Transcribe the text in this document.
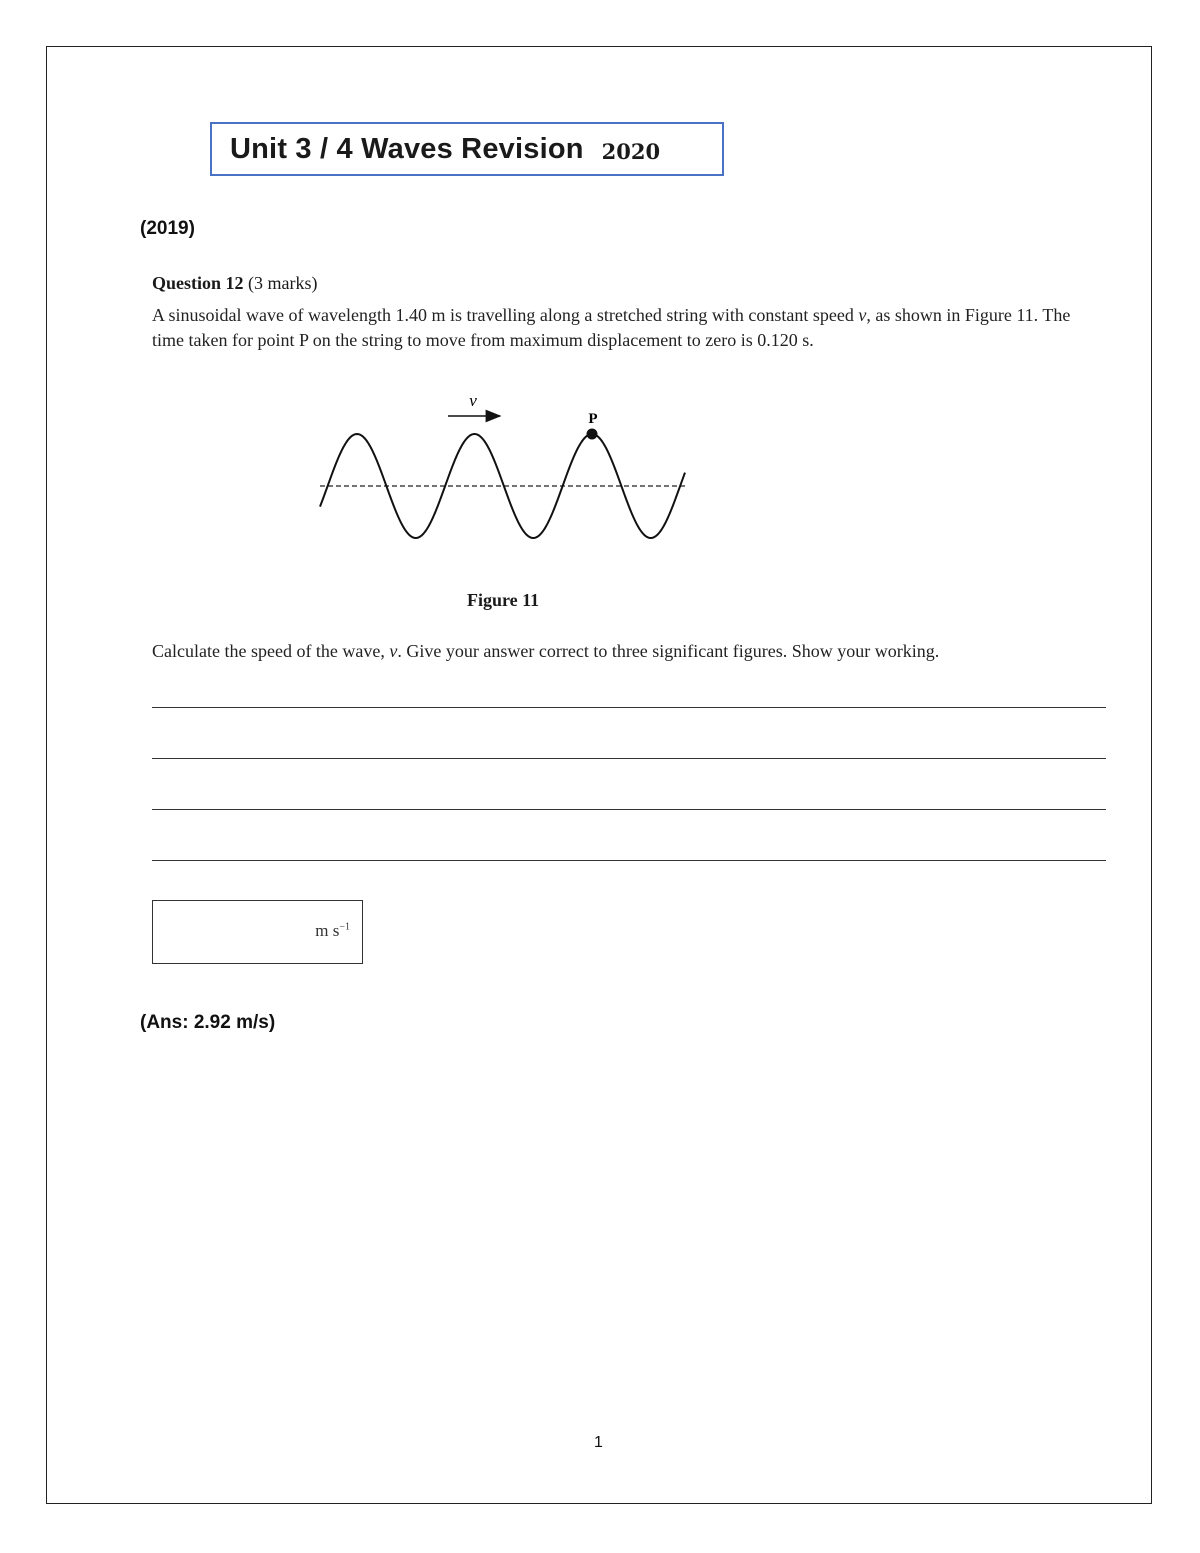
Unit 3 / 4 Waves Revision 2020
(2019)
Question 12 (3 marks)
A sinusoidal wave of wavelength 1.40 m is travelling along a stretched string with constant speed v, as shown in Figure 11. The time taken for point P on the string to move from maximum displacement to zero is 0.120 s.
v
P
Figure 11
Calculate the speed of the wave, v. Give your answer correct to three significant figures. Show your working.
m $s^{-1}$
(Ans: 2.92 m/s)
1
